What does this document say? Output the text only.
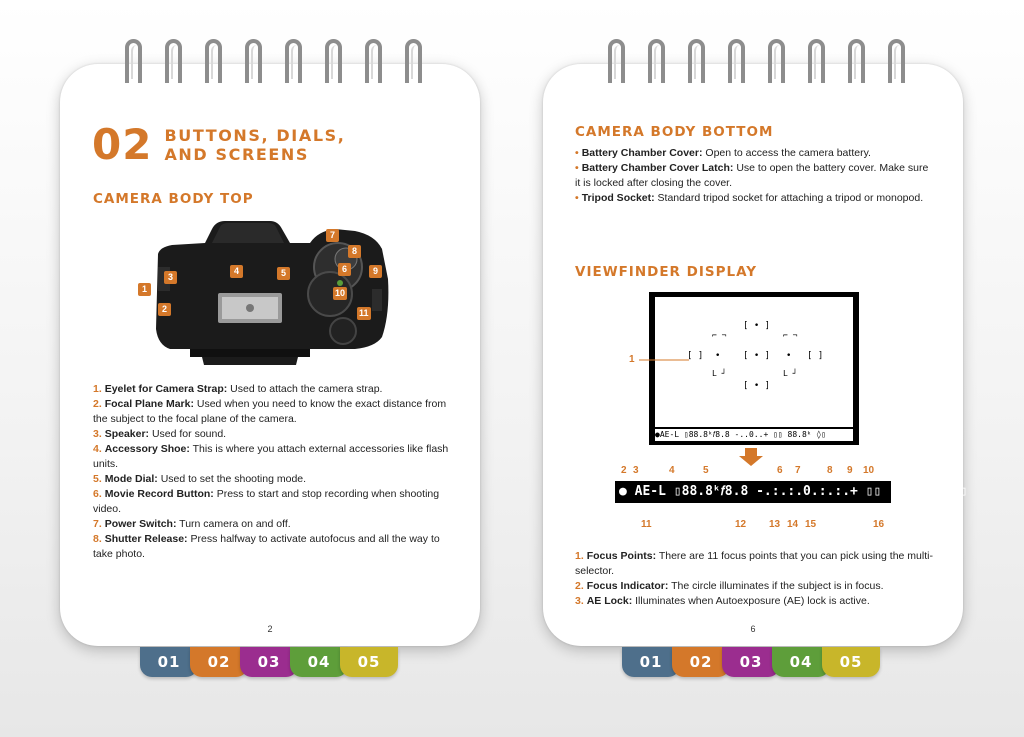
02 BUTTONS, DIALS,
AND SCREENS
CAMERA BODY TOP
1
2
3
4	5	6
7
8
9
10
11

1. Eyelet for Camera Strap: Used to attach the camera strap.

2. Focal Plane Mark: Used when you need to know the exact distance from the subject to the focal plane of the camera.

3. Speaker: Used for sound.

4. Accessory Shoe: This is where you attach external accessories like flash units.

5. Mode Dial: Used to set the shooting mode.

6. Movie Record Button: Press to start and stop recording when shooting video.

7. Power Switch: Turn camera on and off.

8. Shutter Release: Press halfway to activate autofocus and all the way to take photo.

2
01	02	03	04	05
CAMERA BODY BOTTOM

• Battery Chamber Cover: Open to access the camera battery.

• Battery Chamber Cover Latch: Use to open the battery cover. Make sure it is locked after closing the cover.

• Tripod Socket: Standard tripod socket for attaching a tripod or monopod.

VIEWFINDER DISPLAY
[ • ]
[ • ]
[ • ]
⌐ ¬
•
L ┘
⌐ ¬
•
L ┘
[ ]	[ ]
●AE-L ▯88.8ᵏ𝑓8.8 -..0..+ ▯▯ 88.8ᵏ ◊▯
1
2 3	4	5	6 7	8 9 10
● AE-L ▯88.8ᵏ𝑓8.8 -.:.:.0.:.:.+ ▯▯ ▯ 88.8ᵏ ◊▯
11	12 13 14 15	16

1. Focus Points: There are 11 focus points that you can pick using the multi-selector.

2. Focus Indicator: The circle illuminates if the subject is in focus.

3. AE Lock: Illuminates when Autoexposure (AE) lock is active.

6
01	02	03	04	05
